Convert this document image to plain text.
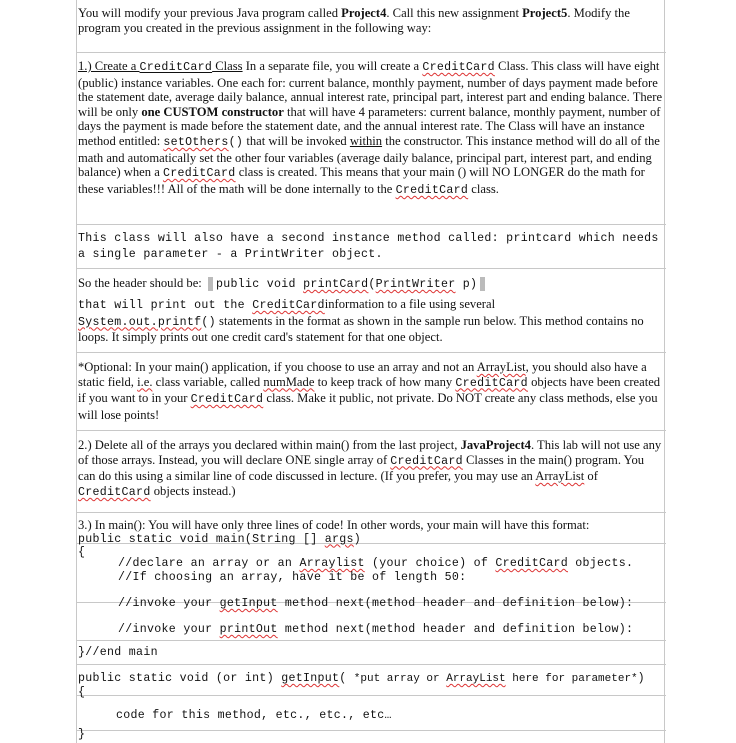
You will modify your previous Java program called Project4. Call this new assignment Project5. Modify the program you created in the previous assignment in the following way:

1.) Create a CreditCard Class In a separate file, you will create a CreditCard Class. This class will have eight (public) instance variables. One each for: current balance, monthly payment, number of days payment made before the statement date, average daily balance, annual interest rate, principal part, interest part and ending balance. There will be only one CUSTOM constructor that will have 4 parameters: current balance, monthly payment, number of days the payment is made before the statement date, and the annual interest rate. The Class will have an instance method entitled: setOthers() that will be invoked within the constructor. This instance method will do all of the math and automatically set the other four variables (average daily balance, principal part, interest part, and ending balance) when a CreditCard class is created. This means that your main () will NO LONGER do the math for these variables!!! All of the math will be done internally to the CreditCard class.

This class will also have a second instance method called: printcard which needs a single parameter - a PrintWriter object.

So the header should be: public void printCard(PrintWriter p)

that will print out the CreditCardinformation to a file using several

System.out.printf() statements in the format as shown in the sample run below. This method contains no loops. It simply prints out one credit card's statement for that one object.

*Optional: In your main() application, if you choose to use an array and not an ArrayList, you should also have a static field, i.e. class variable, called numMade to keep track of how many CreditCard objects have been created if you want to in your CreditCard class. Make it public, not private. Do NOT create any class methods, else you will lose points!

2.) Delete all of the arrays you declared within main() from the last project, JavaProject4. This lab will not use any of those arrays. Instead, you will declare ONE single array of CreditCard Classes in the main() program. You can do this using a similar line of code discussed in lecture. (If you prefer, you may use an ArrayList of CreditCard objects instead.)

3.) In main(): You will have only three lines of code! In other words, your main will have this format:

public static void main(String [] args)

{

//declare an array or an Arraylist (your choice) of CreditCard objects.

//If choosing an array, have it be of length 50:

//invoke your getInput method next(method header and definition below):

//invoke your printOut method next(method header and definition below):

}//end main

public static void (or int) getInput( *put array or ArrayList here for parameter*)

{

code for this method, etc., etc., etc…

}
